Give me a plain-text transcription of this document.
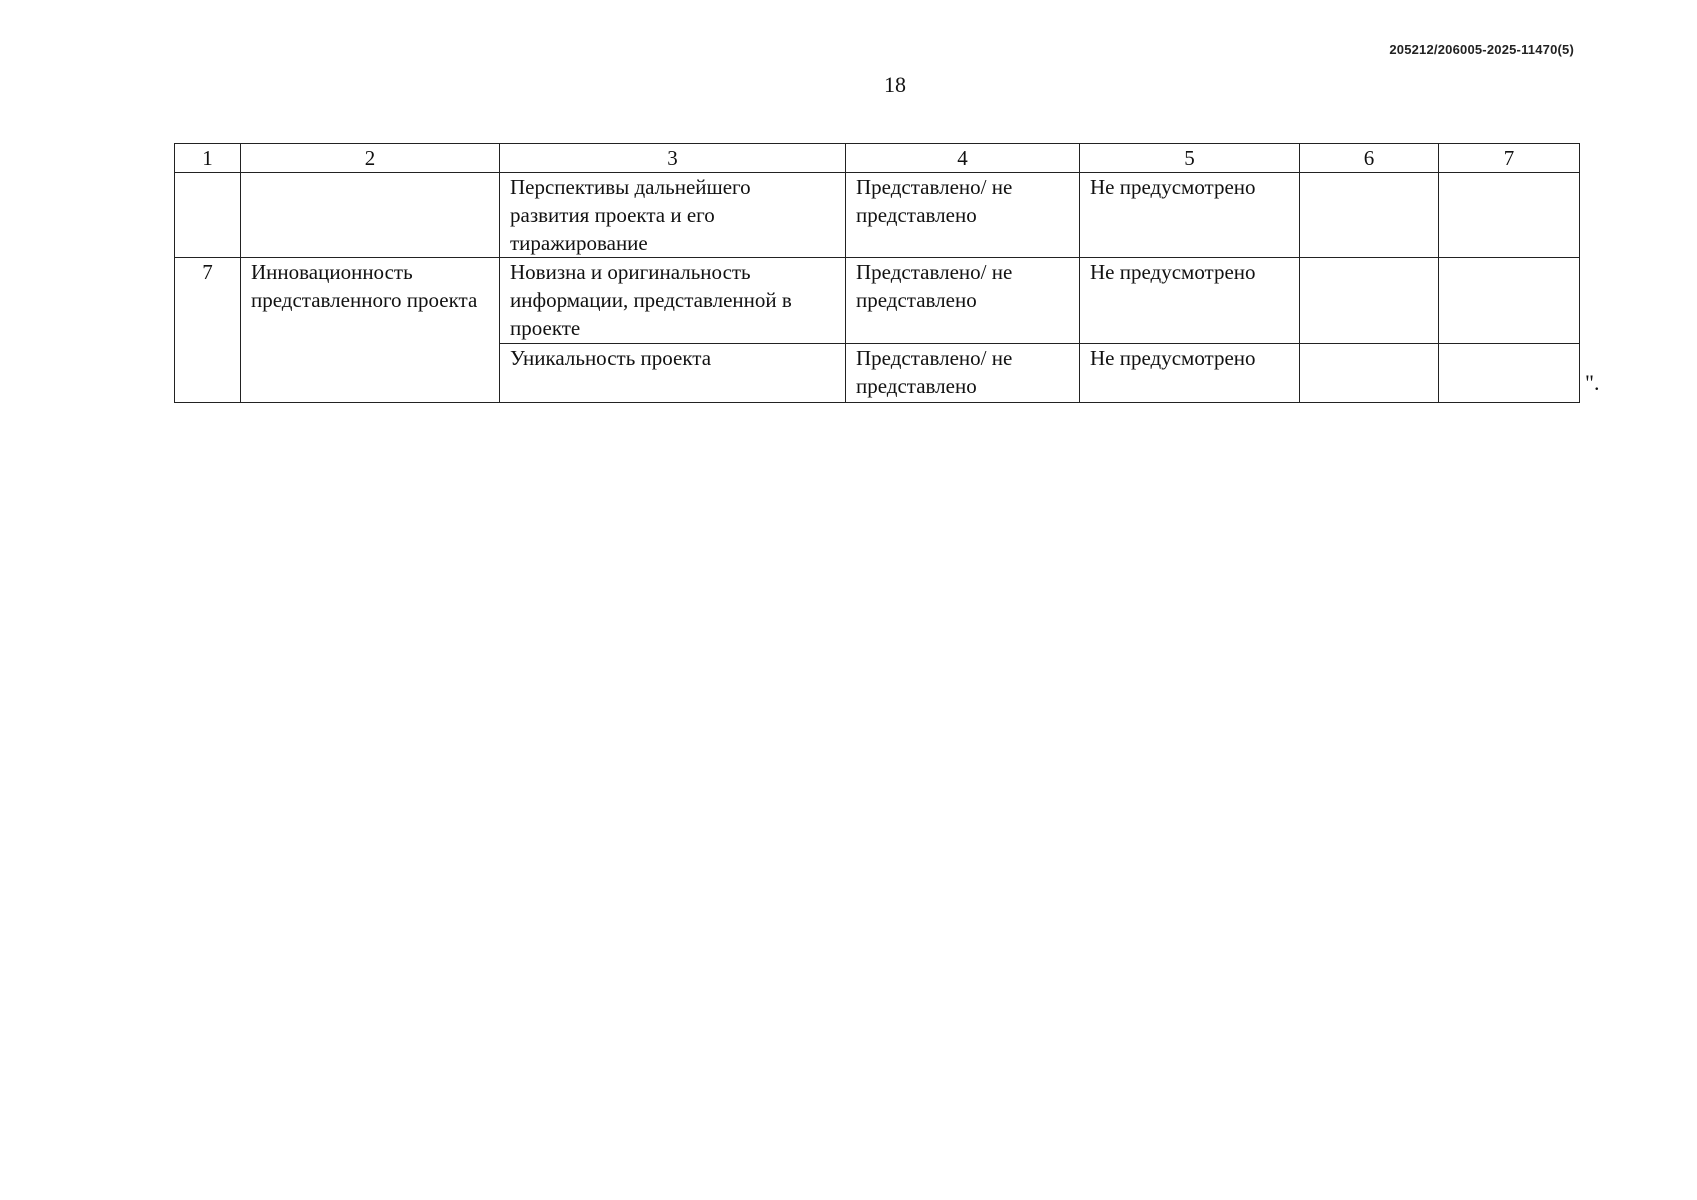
205212/206005-2025-11470(5)
18
1	2	3	4	5	6	7
		Перспективы дальнейшего развития проекта и его тиражирование	Представлено/ не представлено	Не предусмотрено		
7	Инновационность представленного проекта	Новизна и оригинальность информации, представленной в проекте	Представлено/ не представлено	Не предусмотрено		
		Уникальность проекта	Представлено/ не представлено	Не предусмотрено		
".
